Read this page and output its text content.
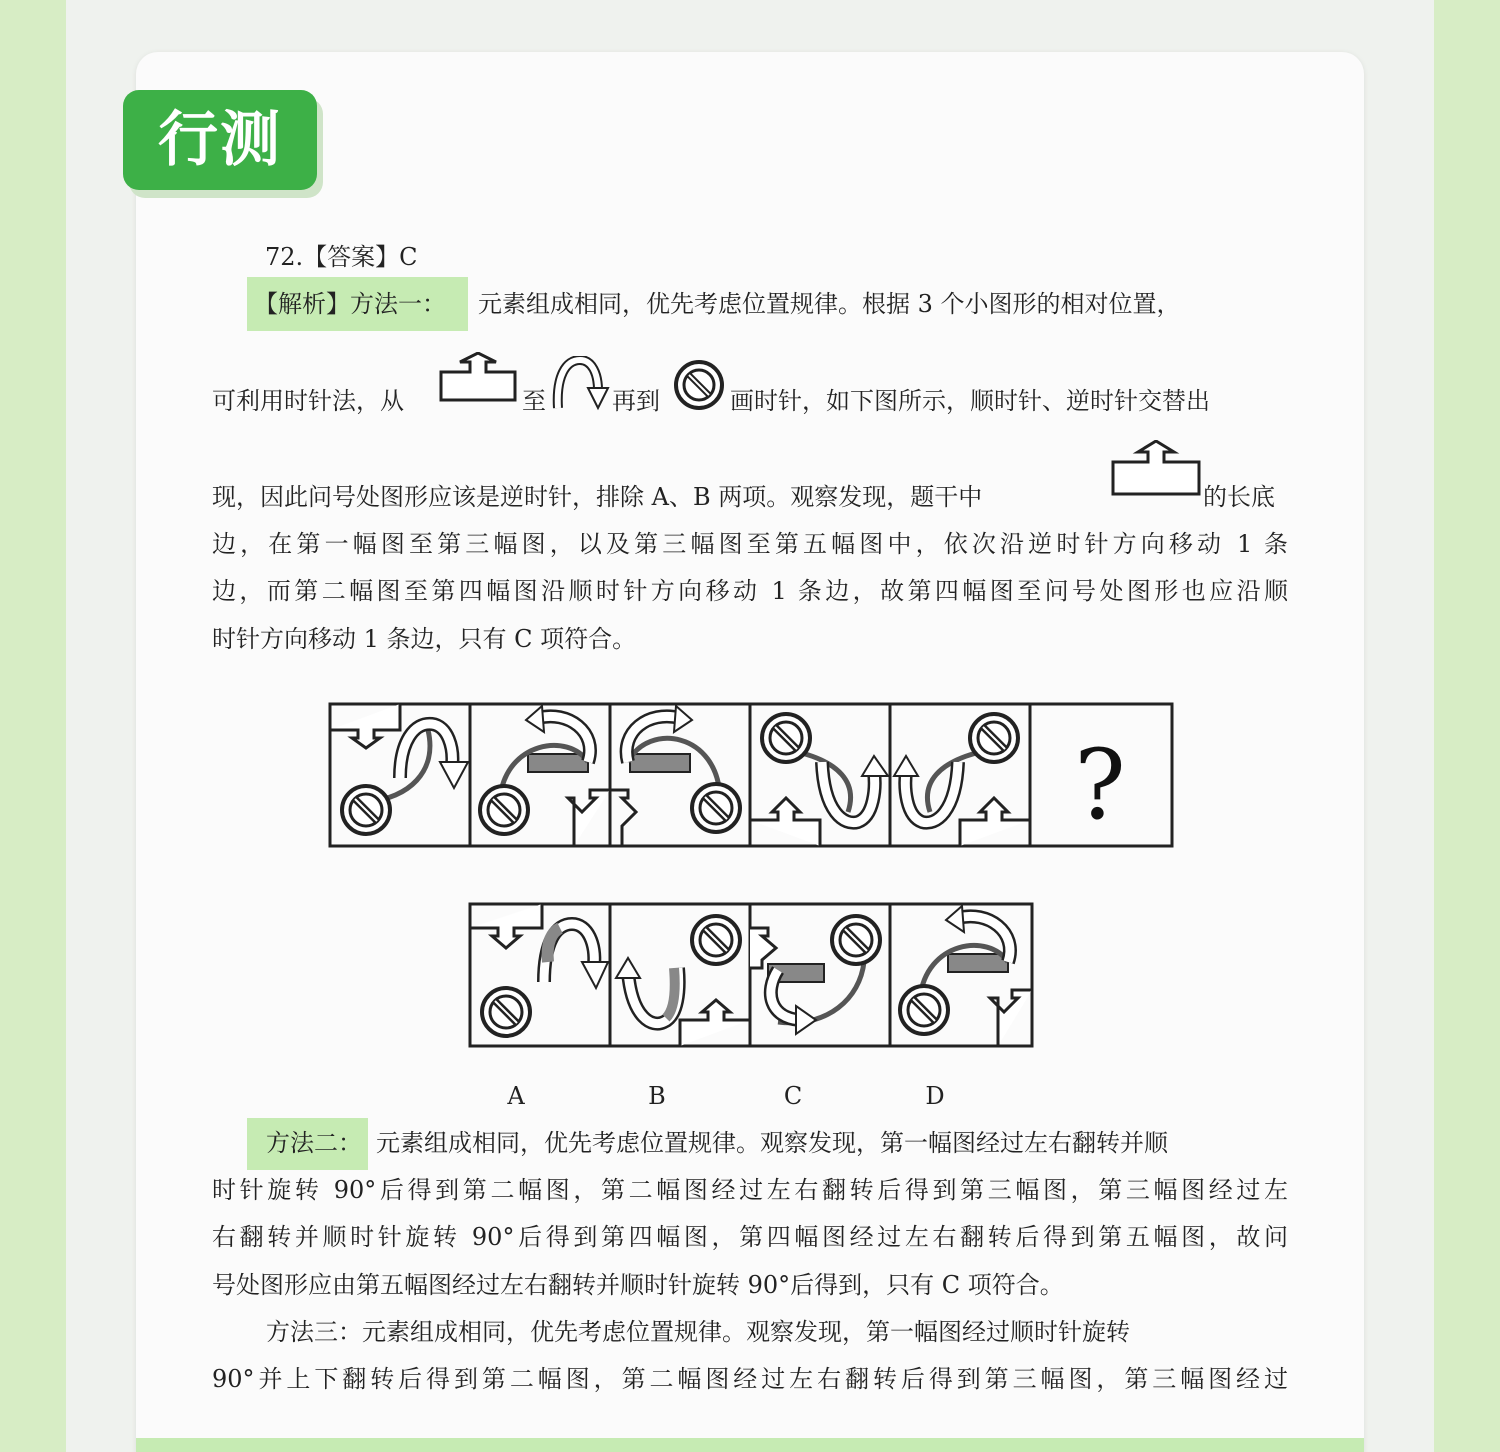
行测
72.【答案】C
【解析】方法一： 元素组成相同，优先考虑位置规律。根据 3 个小图形的相对位置，
可利用时针法，从	至	再到	画时针，如下图所示，顺时针、逆时针交替出
现，因此问号处图形应该是逆时针，排除 A、B 两项。观察发现，题干中	的长底
边，在第一幅图至第三幅图，以及第三幅图至第五幅图中，依次沿逆时针方向移动 1 条
边，而第二幅图至第四幅图沿顺时针方向移动 1 条边，故第四幅图至问号处图形也应沿顺
时针方向移动 1 条边，只有 C 项符合。
?
A	B	C	D
方法二： 元素组成相同，优先考虑位置规律。观察发现，第一幅图经过左右翻转并顺
时针旋转 90°后得到第二幅图，第二幅图经过左右翻转后得到第三幅图，第三幅图经过左
右翻转并顺时针旋转 90°后得到第四幅图，第四幅图经过左右翻转后得到第五幅图，故问
号处图形应由第五幅图经过左右翻转并顺时针旋转 90°后得到，只有 C 项符合。
方法三：元素组成相同，优先考虑位置规律。观察发现，第一幅图经过顺时针旋转
90°并上下翻转后得到第二幅图，第二幅图经过左右翻转后得到第三幅图，第三幅图经过
